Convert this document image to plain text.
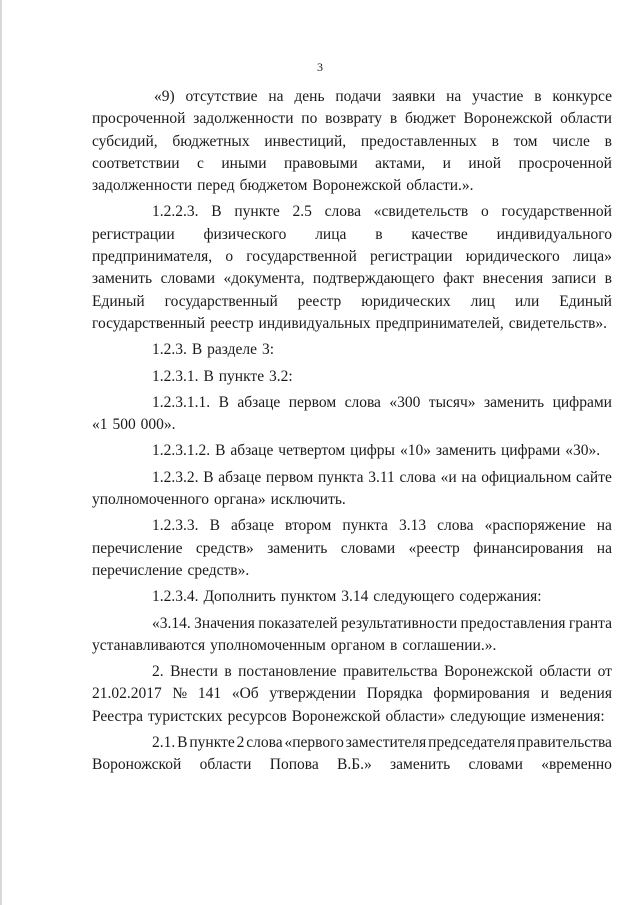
3
«9) отсутствие на день подачи заявки на участие в конкурсе
просроченной задолженности по возврату в бюджет Воронежской области
субсидий, бюджетных инвестиций, предоставленных в том числе в
соответствии с иными правовыми актами, и иной просроченной
задолженности перед бюджетом Воронежской области.».
1.2.2.3. В пункте 2.5 слова «свидетельств о государственной
регистрации физического лица в качестве индивидуального
предпринимателя, о государственной регистрации юридического лица»
заменить словами «документа, подтверждающего факт внесения записи в
Единый государственный реестр юридических лиц или Единый
государственный реестр индивидуальных предпринимателей, свидетельств».
1.2.3. В разделе 3:
1.2.3.1. В пункте 3.2:
1.2.3.1.1. В абзаце первом слова «300 тысяч» заменить цифрами
«1 500 000».
1.2.3.1.2. В абзаце четвертом цифры «10» заменить цифрами «30».
1.2.3.2. В абзаце первом пункта 3.11 слова «и на официальном сайте
уполномоченного органа» исключить.
1.2.3.3. В абзаце втором пункта 3.13 слова «распоряжение на
перечисление средств» заменить словами «реестр финансирования на
перечисление средств».
1.2.3.4. Дополнить пунктом 3.14 следующего содержания:
«3.14. Значения показателей результативности предоставления гранта
устанавливаются уполномоченным органом в соглашении.».
2. Внести в постановление правительства Воронежской области от
21.02.2017 № 141 «Об утверждении Порядка формирования и ведения
Реестра туристских ресурсов Воронежской области» следующие изменения:
2.1. В пункте 2 слова «первого заместителя председателя правительства
Вороножской области Попова В.Б.» заменить словами «временно
